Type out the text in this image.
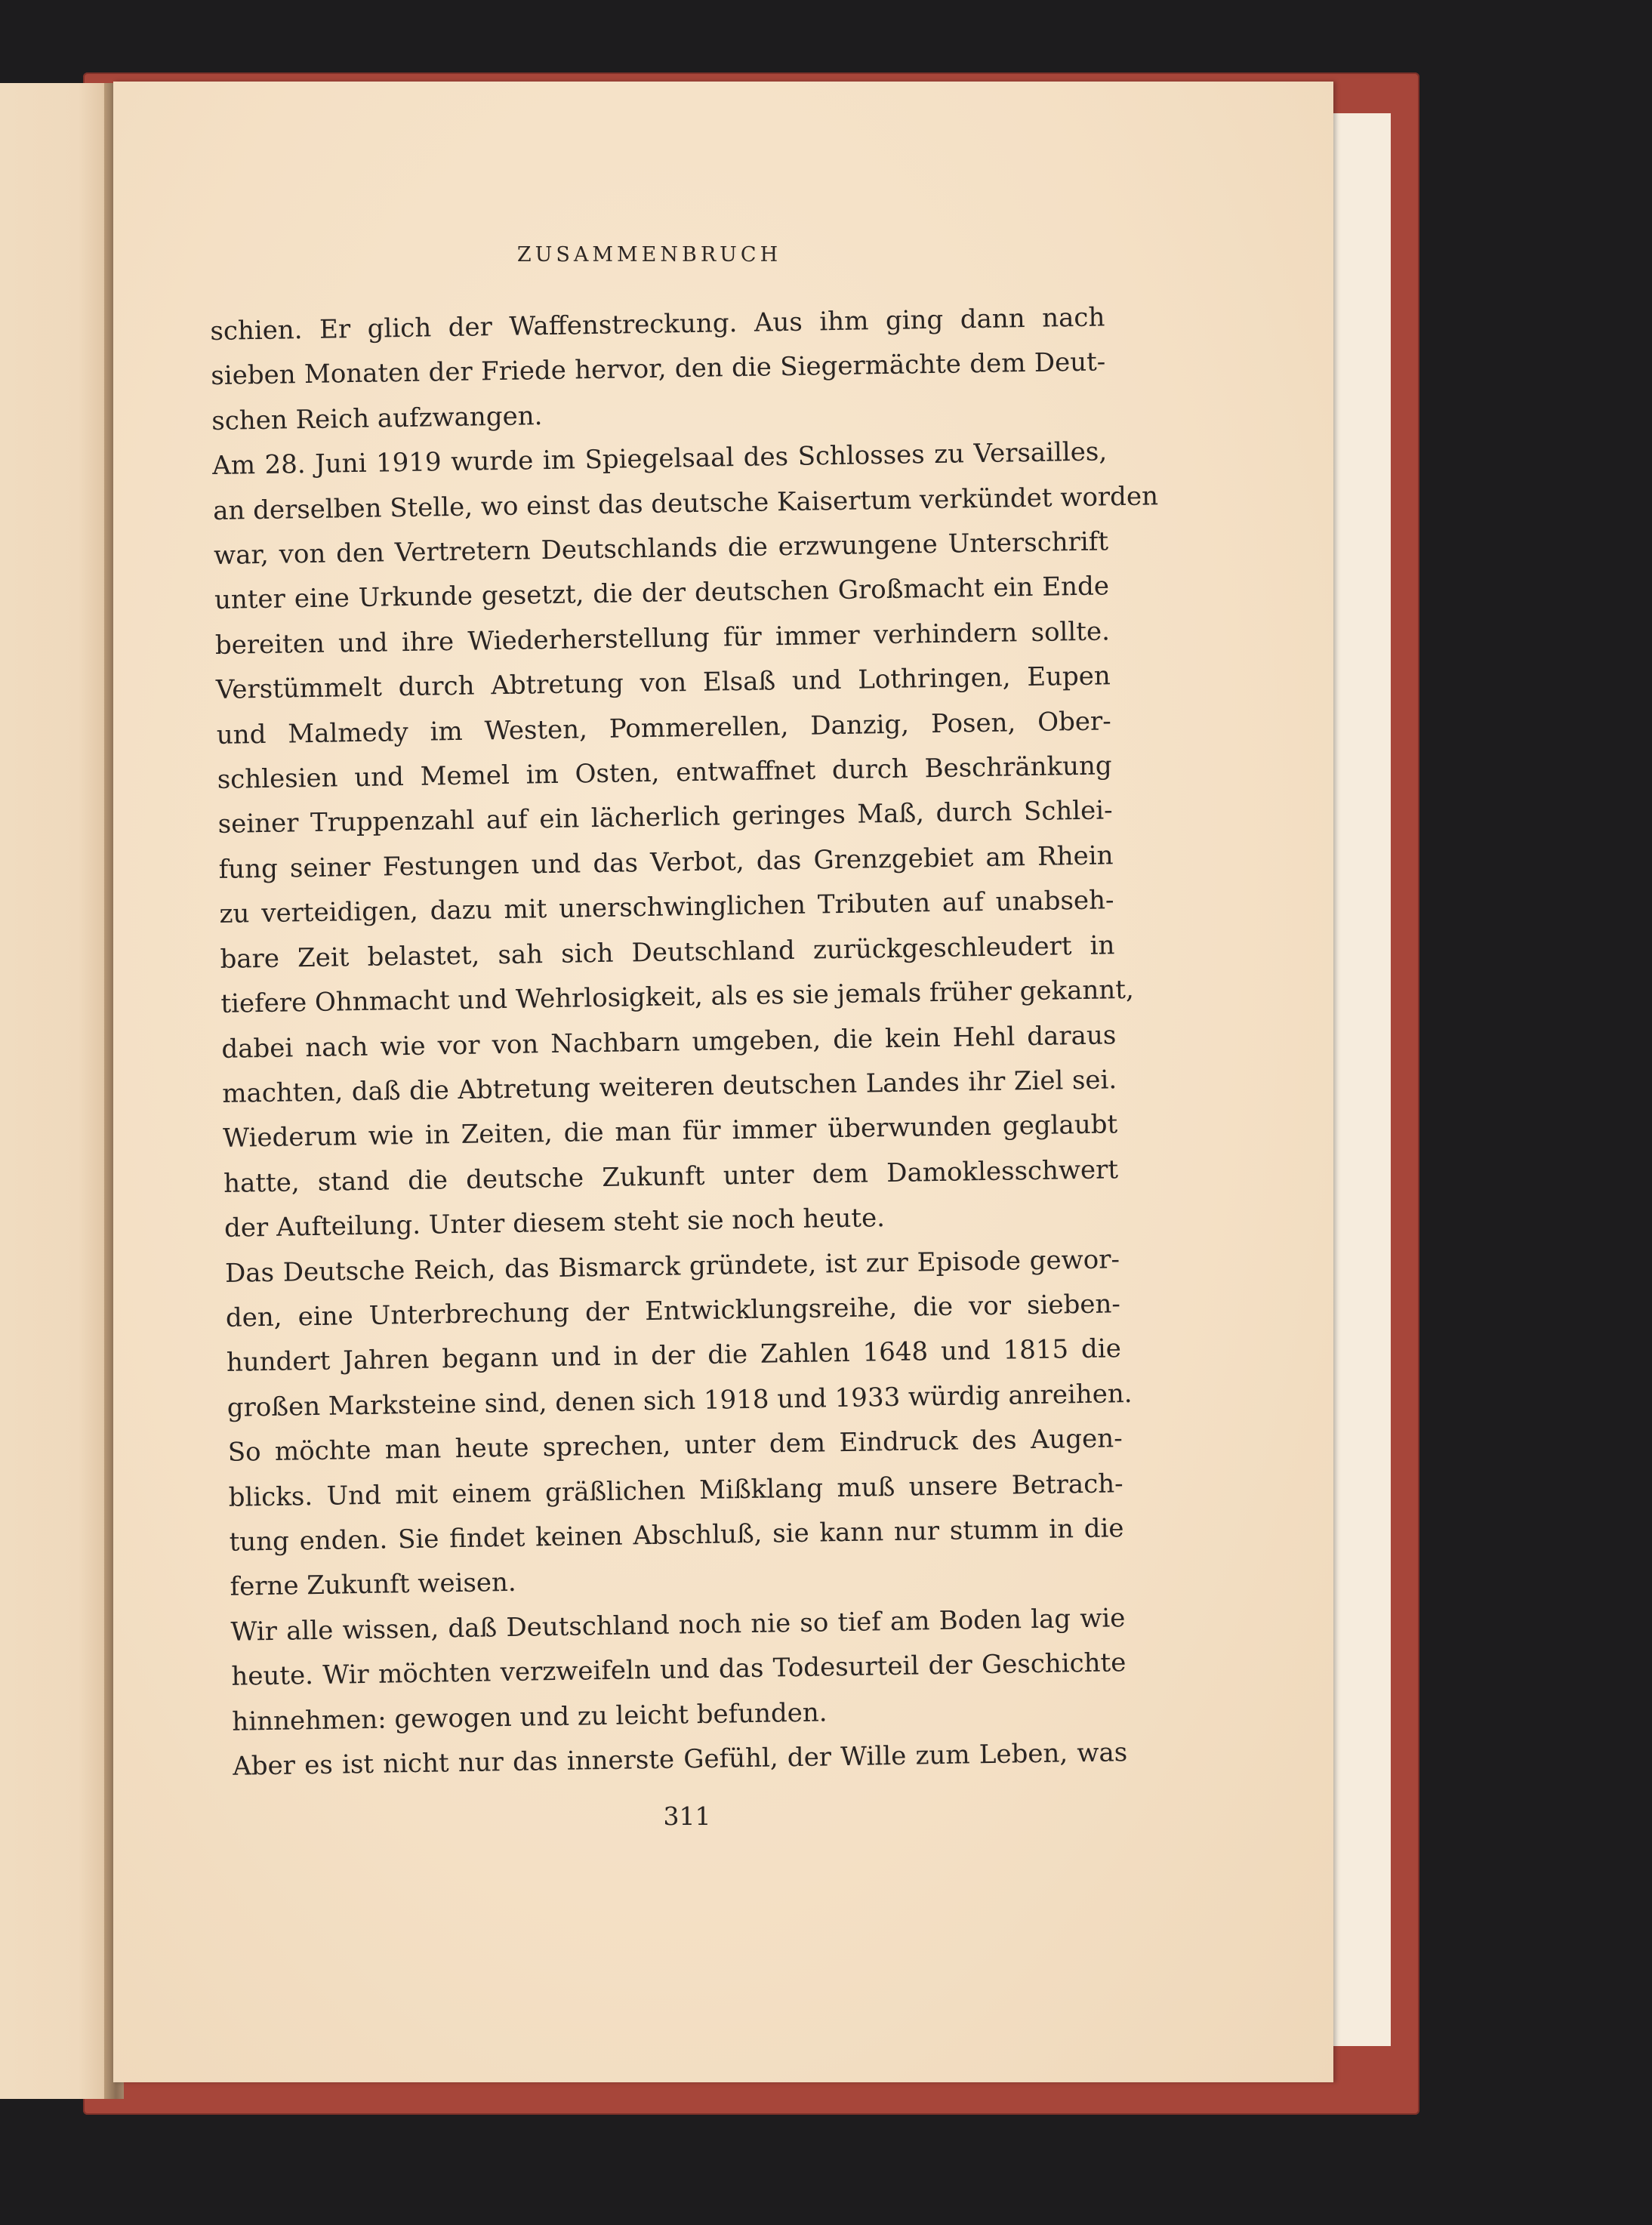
ZUSAMMENBRUCH
schien. Er glich der Waffenstreckung. Aus ihm ging dann nach
sieben Monaten der Friede hervor, den die Siegermächte dem Deut-
schen Reich aufzwangen.
Am 28. Juni 1919 wurde im Spiegelsaal des Schlosses zu Versailles,
an derselben Stelle, wo einst das deutsche Kaisertum verkündet worden
war, von den Vertretern Deutschlands die erzwungene Unterschrift
unter eine Urkunde gesetzt, die der deutschen Großmacht ein Ende
bereiten und ihre Wiederherstellung für immer verhindern sollte.
Verstümmelt durch Abtretung von Elsaß und Lothringen, Eupen
und Malmedy im Westen, Pommerellen, Danzig, Posen, Ober-
schlesien und Memel im Osten, entwaffnet durch Beschränkung
seiner Truppenzahl auf ein lächerlich geringes Maß, durch Schlei-
fung seiner Festungen und das Verbot, das Grenzgebiet am Rhein
zu verteidigen, dazu mit unerschwinglichen Tributen auf unabseh-
bare Zeit belastet, sah sich Deutschland zurückgeschleudert in
tiefere Ohnmacht und Wehrlosigkeit, als es sie jemals früher gekannt,
dabei nach wie vor von Nachbarn umgeben, die kein Hehl daraus
machten, daß die Abtretung weiteren deutschen Landes ihr Ziel sei.
Wiederum wie in Zeiten, die man für immer überwunden geglaubt
hatte, stand die deutsche Zukunft unter dem Damoklesschwert
der Aufteilung. Unter diesem steht sie noch heute.
Das Deutsche Reich, das Bismarck gründete, ist zur Episode gewor-
den, eine Unterbrechung der Entwicklungsreihe, die vor sieben-
hundert Jahren begann und in der die Zahlen 1648 und 1815 die
großen Marksteine sind, denen sich 1918 und 1933 würdig anreihen.
So möchte man heute sprechen, unter dem Eindruck des Augen-
blicks. Und mit einem gräßlichen Mißklang muß unsere Betrach-
tung enden. Sie findet keinen Abschluß, sie kann nur stumm in die
ferne Zukunft weisen.
Wir alle wissen, daß Deutschland noch nie so tief am Boden lag wie
heute. Wir möchten verzweifeln und das Todesurteil der Geschichte
hinnehmen: gewogen und zu leicht befunden.
Aber es ist nicht nur das innerste Gefühl, der Wille zum Leben, was
311
